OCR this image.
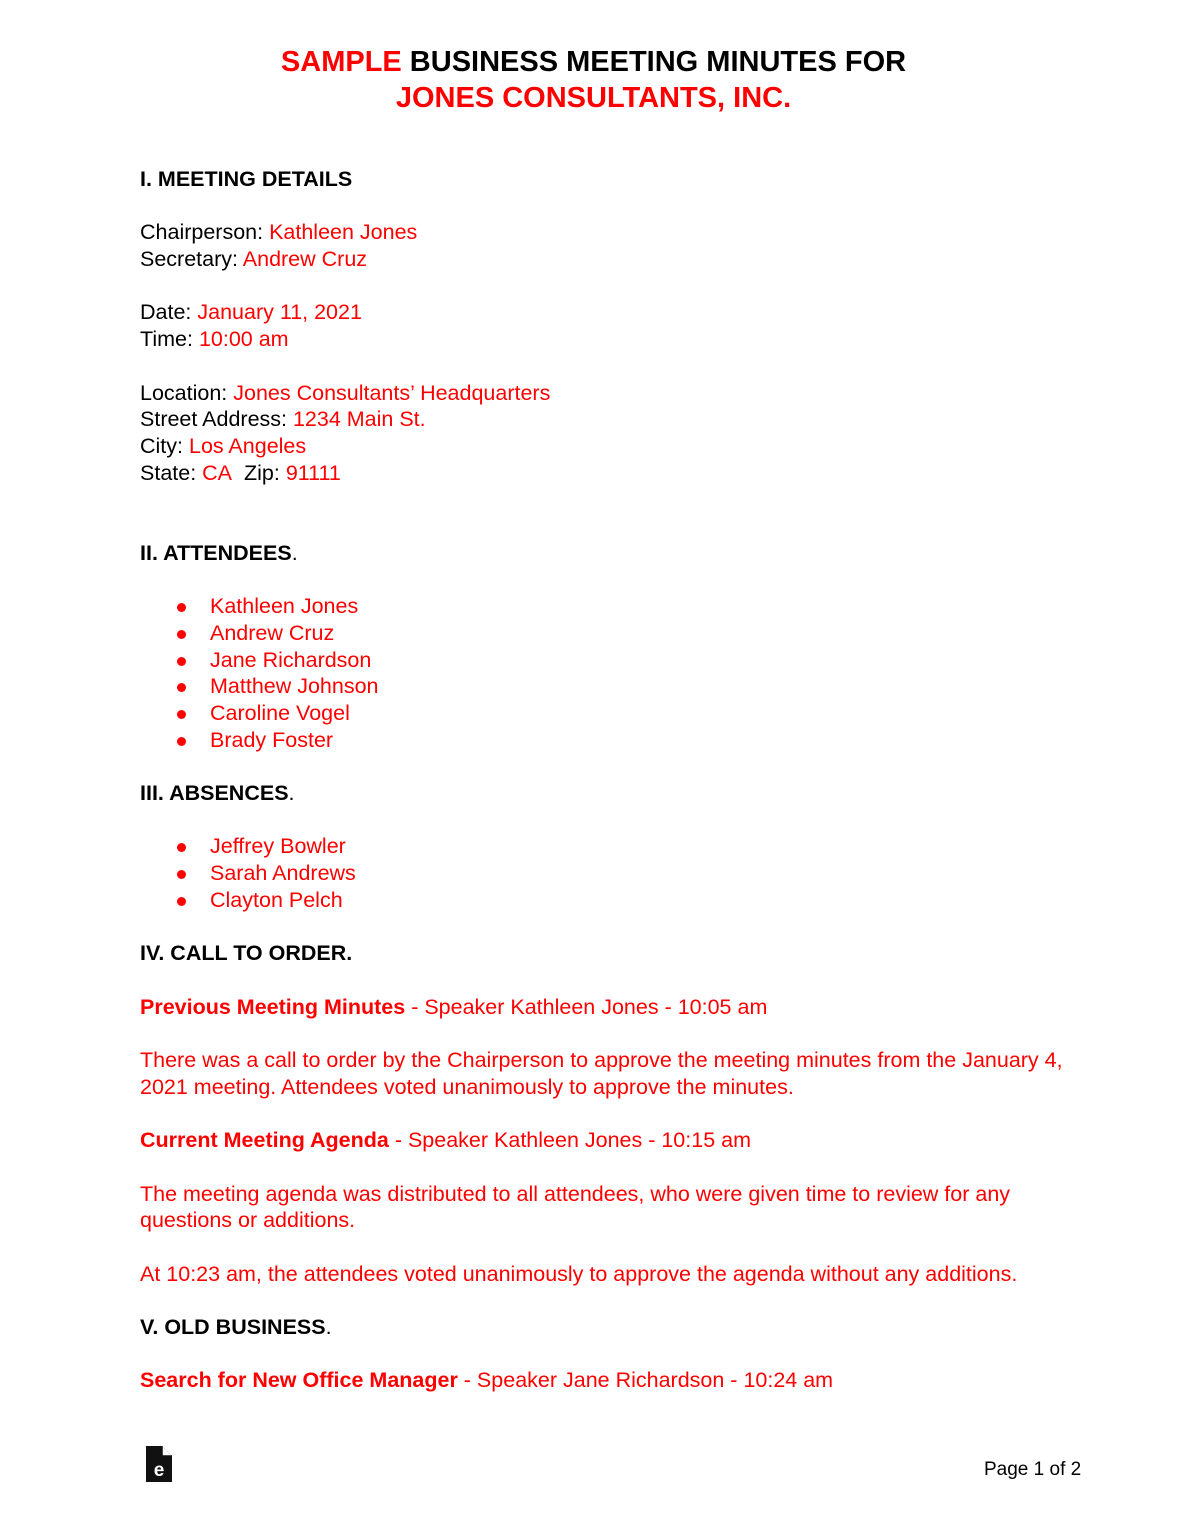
SAMPLE BUSINESS MEETING MINUTES FOR
JONES CONSULTANTS, INC.
I. MEETING DETAILS
Chairperson: Kathleen Jones
Secretary: Andrew Cruz
Date: January 11, 2021
Time: 10:00 am
Location: Jones Consultants’ Headquarters
Street Address: 1234 Main St.
City: Los Angeles
State: CA Zip: 91111
II. ATTENDEES.
Kathleen Jones
Andrew Cruz
Jane Richardson
Matthew Johnson
Caroline Vogel
Brady Foster
III. ABSENCES.
Jeffrey Bowler
Sarah Andrews
Clayton Pelch
IV. CALL TO ORDER.
Previous Meeting Minutes - Speaker Kathleen Jones - 10:05 am
There was a call to order by the Chairperson to approve the meeting minutes from the January 4, 2021 meeting. Attendees voted unanimously to approve the minutes.
Current Meeting Agenda - Speaker Kathleen Jones - 10:15 am
The meeting agenda was distributed to all attendees, who were given time to review for any questions or additions.
At 10:23 am, the attendees voted unanimously to approve the agenda without any additions.
V. OLD BUSINESS.
Search for New Office Manager - Speaker Jane Richardson - 10:24 am
e	Page 1 of 2
